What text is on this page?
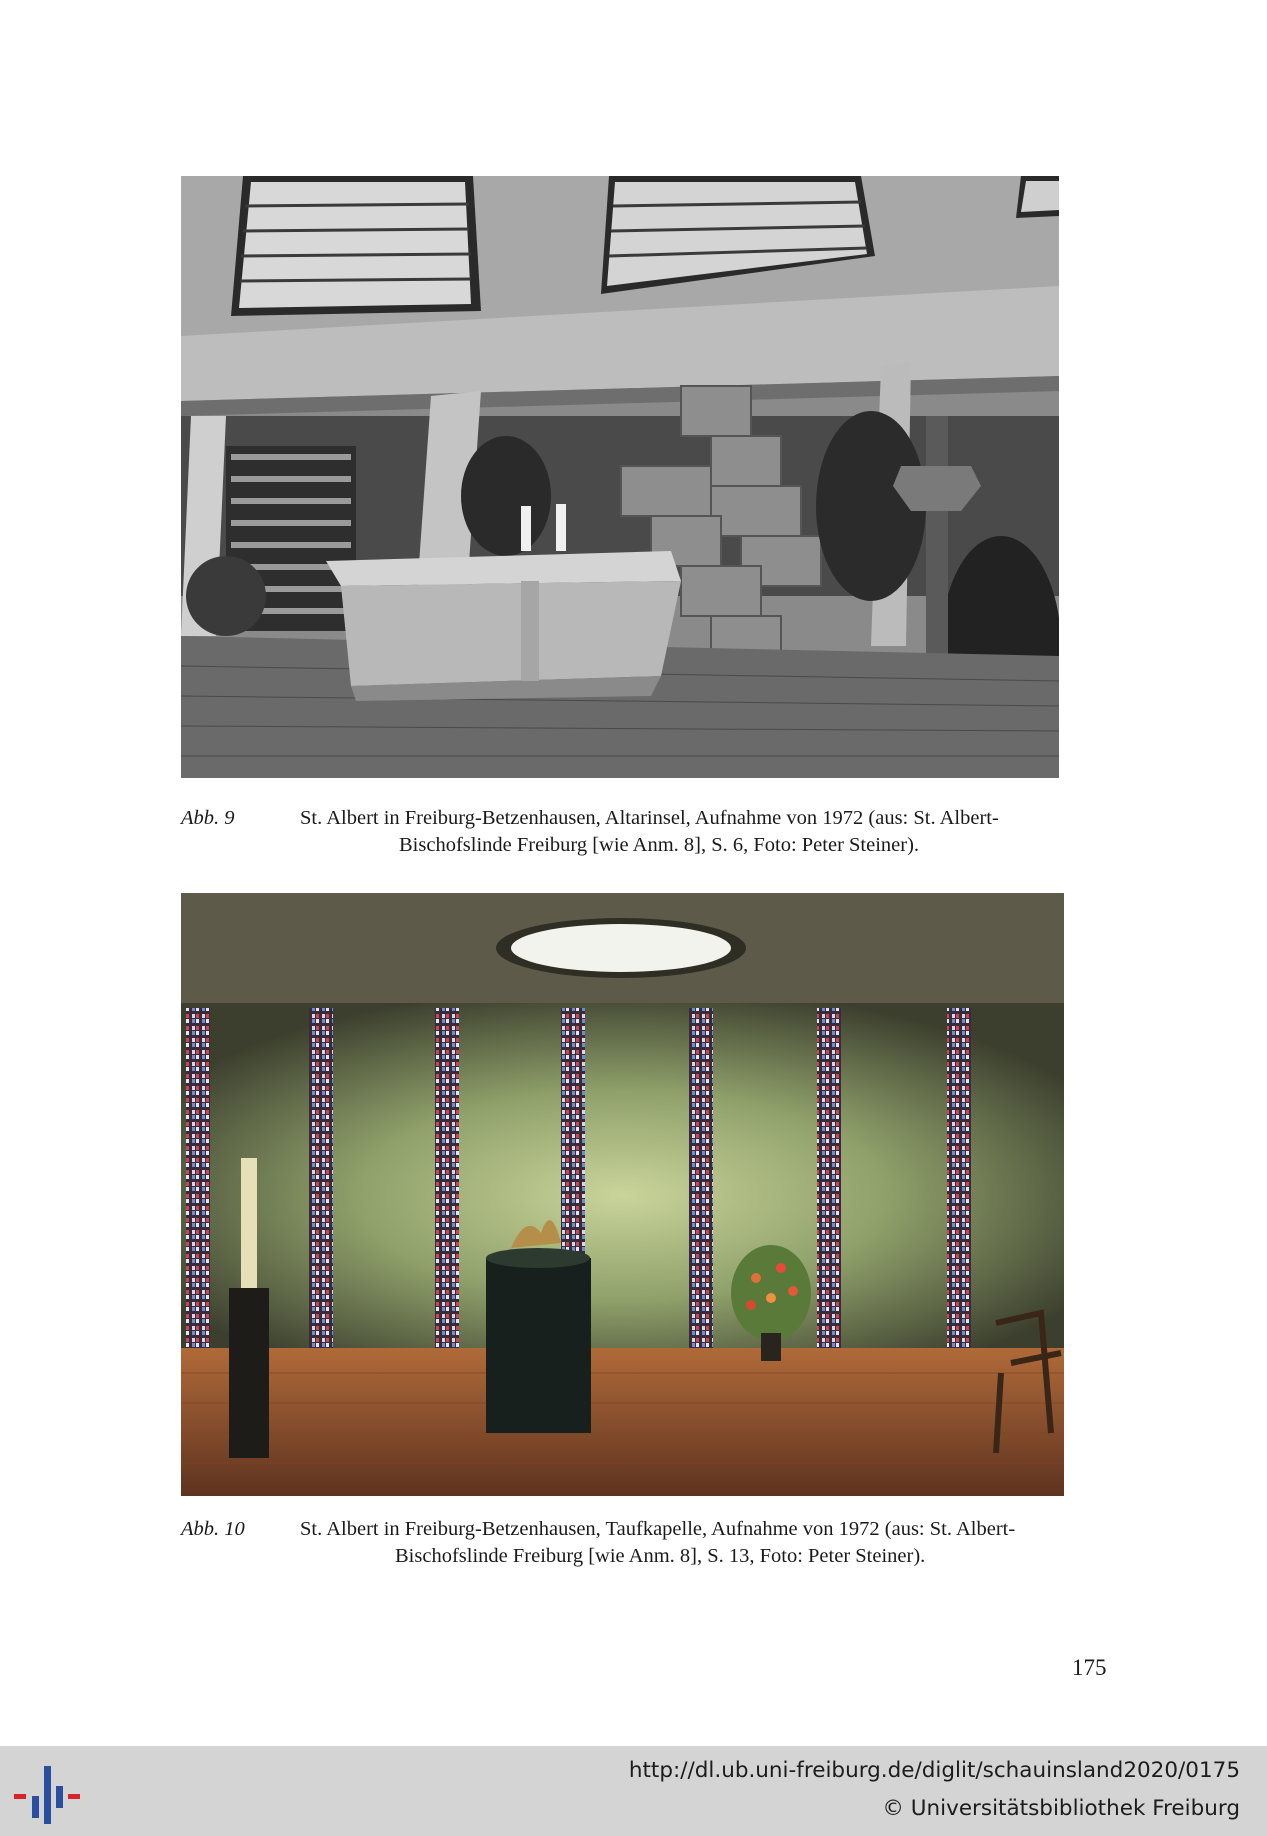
Abb. 9	St. Albert in Freiburg-Betzenhausen, Altarinsel, Aufnahme von 1972 (aus: St. Albert-
Bischofslinde Freiburg [wie Anm. 8], S. 6, Foto: Peter Steiner).
Abb. 10	St. Albert in Freiburg-Betzenhausen, Taufkapelle, Aufnahme von 1972 (aus: St. Albert-
Bischofslinde Freiburg [wie Anm. 8], S. 13, Foto: Peter Steiner).
175
http://dl.ub.uni-freiburg.de/diglit/schauinsland2020/0175
© Universitätsbibliothek Freiburg
